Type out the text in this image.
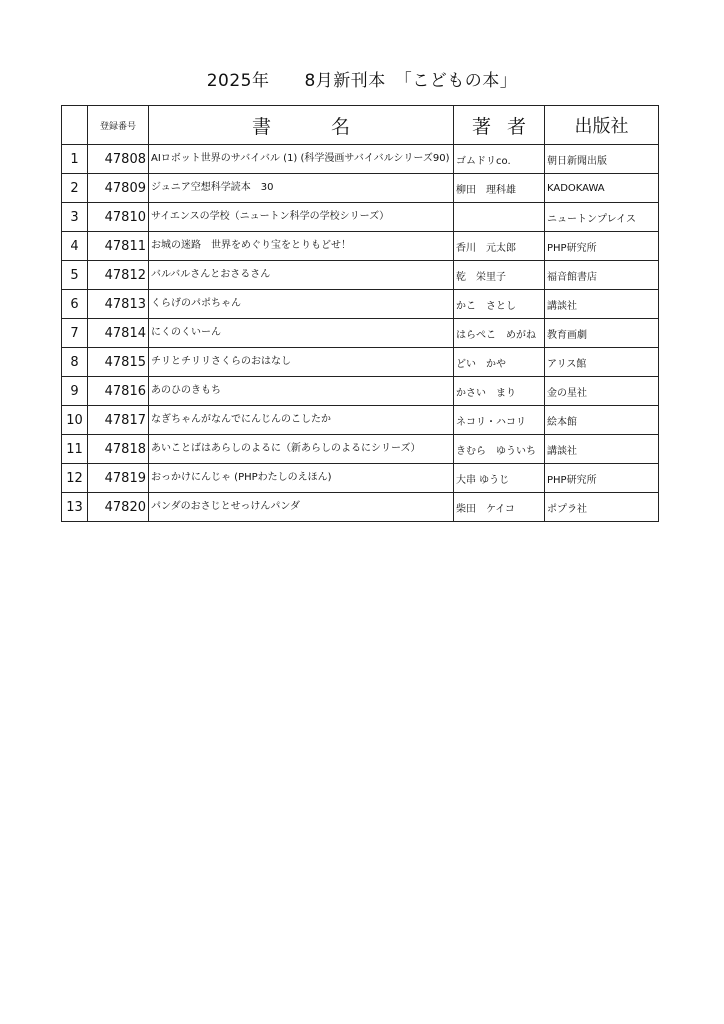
2025年　　8月新刊本　「こどもの本」
	登録番号	書名	著者	出版社
1	47808	AIロボット世界のサバイバル (1) (科学漫画サバイバルシリーズ90)	ゴムドリco.	朝日新聞出版
2	47809	ジュニア空想科学読本　30	柳田　理科雄	KADOKAWA
3	47810	サイエンスの学校（ニュートン科学の学校シリーズ）		ニュートンプレイス
4	47811	お城の迷路　世界をめぐり宝をとりもどせ！	香川　元太郎	PHP研究所
5	47812	バルバルさんとおさるさん	乾　栄里子	福音館書店
6	47813	くらげのパポちゃん	かこ　さとし	講談社
7	47814	にくのくいーん	はらぺこ　めがね	教育画劇
8	47815	チリとチリリさくらのおはなし	どい　かや	アリス館
9	47816	あのひのきもち	かさい　まり	金の星社
10	47817	なぎちゃんがなんでにんじんのこしたか	ネコリ・ハコリ	絵本館
11	47818	あいことばはあらしのよるに（新あらしのよるにシリーズ）	きむら　ゆういち	講談社
12	47819	おっかけにんじゃ (PHPわたしのえほん)	大串 ゆうじ	PHP研究所
13	47820	パンダのおさじとせっけんパンダ	柴田　ケイコ	ポプラ社
